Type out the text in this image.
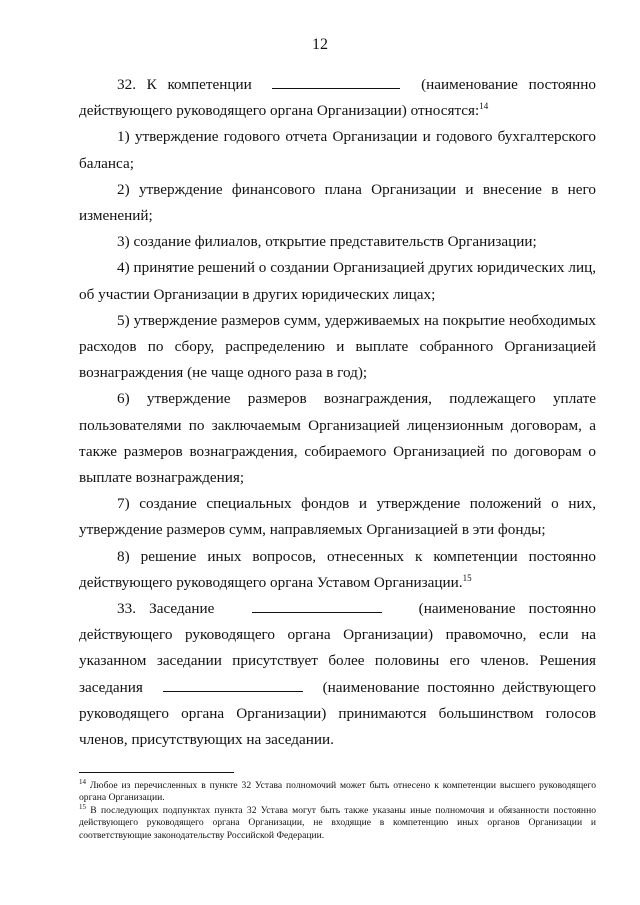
12

32. К компетенции	(наименование постоянно действующего руководящего органа Организации) относятся:$^{14}$

1) утверждение годового отчета Организации и годового бухгалтерского баланса;

2) утверждение финансового плана Организации и внесение в него изменений;

3) создание филиалов, открытие представительств Организации;

4) принятие решений о создании Организацией других юридических лиц, об участии Организации в других юридических лицах;

5) утверждение размеров сумм, удерживаемых на покрытие необходимых расходов по сбору, распределению и выплате собранного Организацией вознаграждения (не чаще одного раза в год);

6) утверждение размеров вознаграждения, подлежащего уплате пользователями по заключаемым Организацией лицензионным договорам, а также размеров вознаграждения, собираемого Организацией по договорам о выплате вознаграждения;

7) создание специальных фондов и утверждение положений о них, утверждение размеров сумм, направляемых Организацией в эти фонды;

8) решение иных вопросов, отнесенных к компетенции постоянно действующего руководящего органа Уставом Организации.$^{15}$

33. Заседание	(наименование постоянно действующего руководящего органа Организации) правомочно, если на указанном заседании присутствует более половины его членов. Решения заседания	(наименование постоянно действующего руководящего органа Организации) принимаются большинством голосов членов, присутствующих на заседании.

$^{14}$ Любое из перечисленных в пункте 32 Устава полномочий может быть отнесено к компетенции высшего руководящего органа Организации.

$^{15}$ В последующих подпунктах пункта 32 Устава могут быть также указаны иные полномочия и обязанности постоянно действующего руководящего органа Организации, не входящие в компетенцию иных органов Организации и соответствующие законодательству Российской Федерации.
